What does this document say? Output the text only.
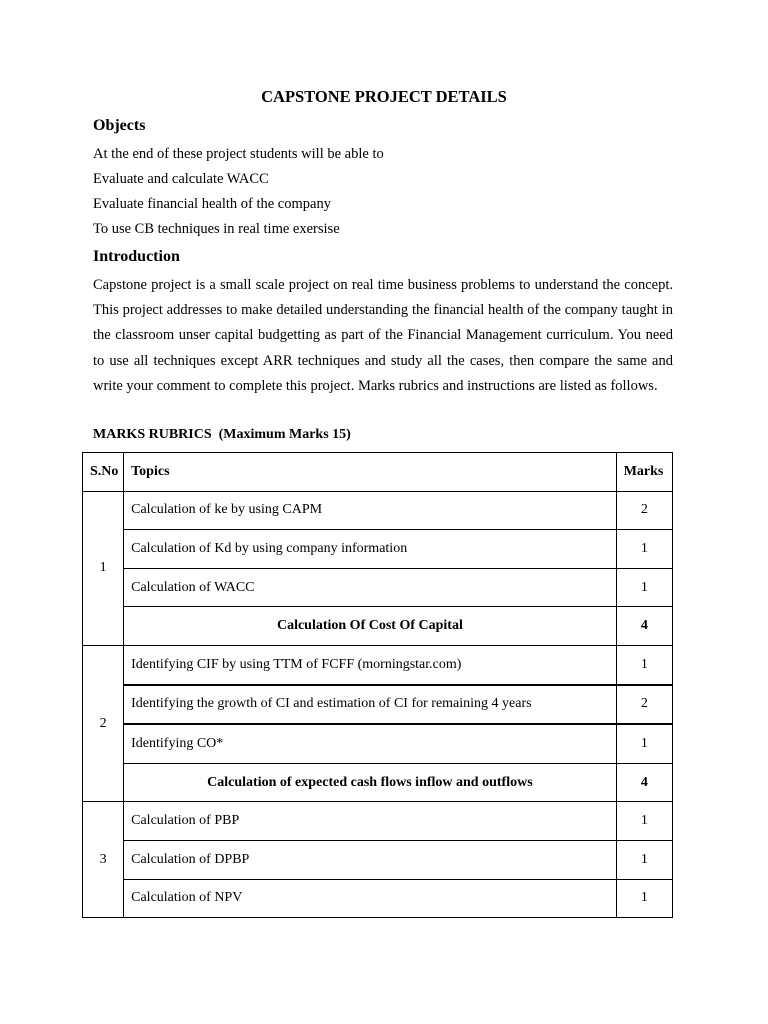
CAPSTONE PROJECT DETAILS
Objects
At the end of these project students will be able to
Evaluate and calculate WACC
Evaluate financial health of the company
To use CB techniques in real time exersise
Introduction

Capstone project is a small scale project on real time business problems to understand the concept. This project addresses to make detailed understanding the financial health of the company taught in the classroom unser capital budgetting as part of the Financial Management curriculum. You need to use all techniques except ARR techniques and study all the cases, then compare the same and write your comment to complete this project. Marks rubrics and instructions are listed as follows.

MARKS RUBRICS  (Maximum Marks 15)
S.No	Topics	Marks
1	Calculation of ke by using CAPM	2
	Calculation of Kd by using company information	1
	Calculation of WACC	1
	Calculation Of Cost Of Capital	4
2	Identifying CIF by using TTM of FCFF (morningstar.com)	1
	Identifying the growth of CI and estimation of CI for remaining 4 years	2
	Identifying CO*	1
	Calculation of expected cash flows inflow and outflows	4
3	Calculation of PBP	1
	Calculation of DPBP	1
	Calculation of NPV	1
